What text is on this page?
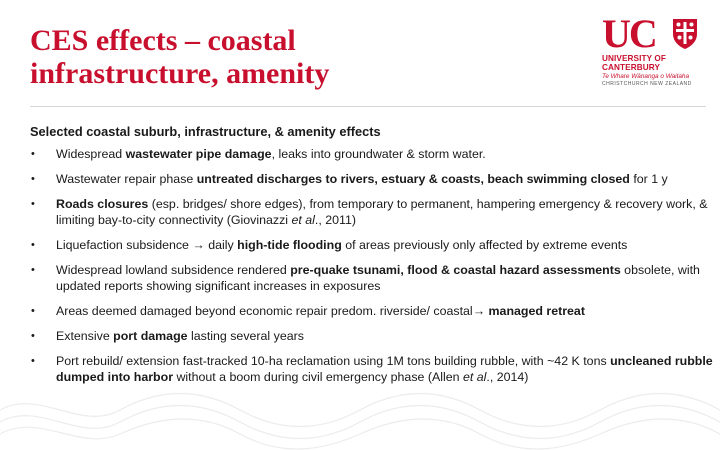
CES effects – coastal
infrastructure, amenity
UC
UNIVERSITY OF
CANTERBURY
Te Whare Wānanga o Waitaha
CHRISTCHURCH NEW ZEALAND
Selected coastal suburb, infrastructure, & amenity effects
• Widespread wastewater pipe damage, leaks into groundwater & storm water.
• Wastewater repair phase untreated discharges to rivers, estuary & coasts, beach swimming closed for 1 y
• Roads closures (esp. bridges/ shore edges), from temporary to permanent, hampering emergency & recovery work, & limiting bay-to-city connectivity (Giovinazzi et al., 2011)
• Liquefaction subsidence → daily high-tide flooding of areas previously only affected by extreme events
• Widespread lowland subsidence rendered pre-quake tsunami, flood & coastal hazard assessments obsolete, with updated reports showing significant increases in exposures
• Areas deemed damaged beyond economic repair predom. riverside/ coastal→ managed retreat
• Extensive port damage lasting several years
• Port rebuild/ extension fast-tracked 10-ha reclamation using 1M tons building rubble, with ~42 K tons uncleaned rubble dumped into harbor without a boom during civil emergency phase (Allen et al., 2014)
